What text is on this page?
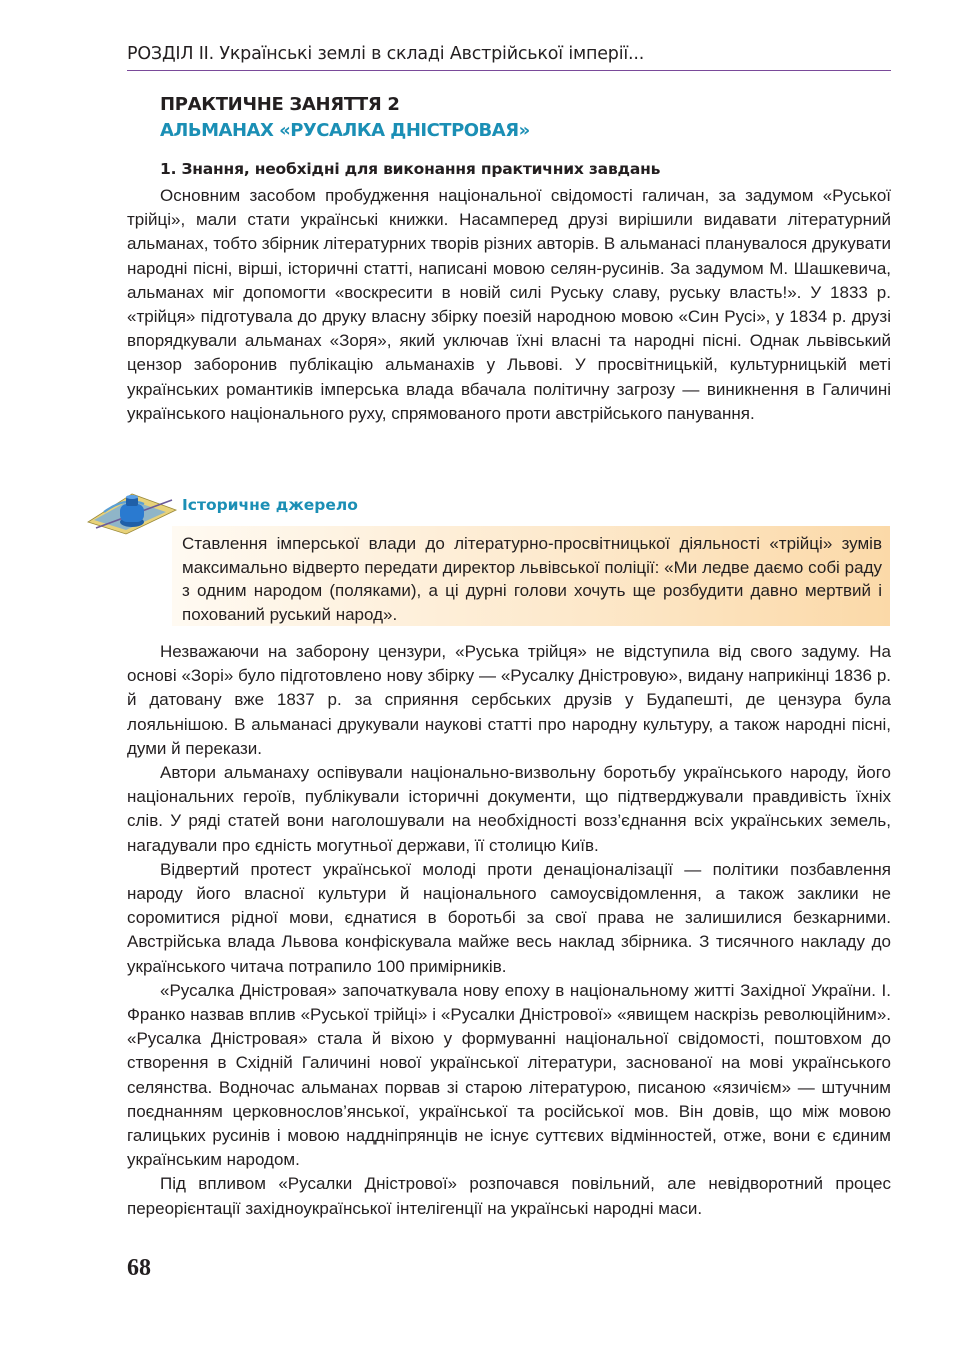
РОЗДІЛ II. Українські землі в складі Австрійської імперії...
ПРАКТИЧНЕ ЗАНЯТТЯ 2
АЛЬМАНАХ «РУСАЛКА ДНІСТРОВАЯ»
1. Знання, необхідні для виконання практичних завдань

Основним засобом пробудження національної свідомості галичан, за задумом «Руської трійці», мали стати українські книжки. Насамперед друзі вирішили видавати літературний альманах, тобто збірник літературних творів різних авторів. В альманасі планувалося друкувати народні пісні, вірші, історичні статті, написані мовою селян-русинів. За задумом М. Шашкевича, альманах міг допомогти «воскресити в новій силі Руську славу, руську власть!». У 1833 р. «трійця» підготувала до друку власну збірку поезій народною мовою «Син Русі», у 1834 р. друзі впорядкували альманах «Зоря», який уключав їхні власні та народні пісні. Однак львівський цензор заборонив публікацію альманахів у Львові. У просвітницькій, культурницькій меті українських романтиків імперська влада вбачала політичну загрозу — виникнення в Галичині українського національного руху, спрямованого проти австрійського панування.

Історичне джерело
Ставлення імперської влади до літературно-просвітницької діяльності «трійці» зумів максимально відверто передати директор львівської поліції: «Ми ледве даємо собі раду з одним народом (поляками), а ці дурні голови хочуть ще розбудити давно мертвий і похований руський народ».

Незважаючи на заборону цензури, «Руська трійця» не відступила від свого задуму. На основі «Зорі» було підготовлено нову збірку — «Русалку Дністровую», видану наприкінці 1836 р. й датовану вже 1837 р. за сприяння сербських друзів у Будапешті, де цензура була лояльнішою. В альманасі друкували наукові статті про народну культуру, а також народні пісні, думи й перекази.

Автори альманаху оспівували національно-визвольну боротьбу українського народу, його національних героїв, публікували історичні документи, що підтверджували правдивість їхніх слів. У ряді статей вони наголошували на необхідності возз’єднання всіх українських земель, нагадували про єдність могутньої держави, її столицю Київ.

Відвертий протест української молоді проти денаціоналізації — політики позбавлення народу його власної культури й національного самоусвідомлення, а також заклики не соромитися рідної мови, єднатися в боротьбі за свої права не залишилися безкарними. Австрійська влада Львова конфіскувала майже весь наклад збірника. З тисячного накладу до українського читача потрапило 100 примірників.

«Русалка Дністровая» започаткувала нову епоху в національному житті Західної України. І. Франко назвав вплив «Руської трійці» і «Русалки Дністрової» «явищем наскрізь революційним». «Русалка Дністровая» стала й віхою у формуванні національної свідомості, поштовхом до створення в Східній Галичині нової української літератури, заснованої на мові українського селянства. Водночас альманах порвав зі старою літературою, писаною «язичієм» — штучним поєднанням церковнослов’янської, української та російської мов. Він довів, що між мовою галицьких русинів і мовою наддніпрянців не існує суттєвих відмінностей, отже, вони є єдиним українським народом.

Під впливом «Русалки Дністрової» розпочався повільний, але невідворотний процес переорієнтації західноукраїнської інтелігенції на українські народні маси.

68
